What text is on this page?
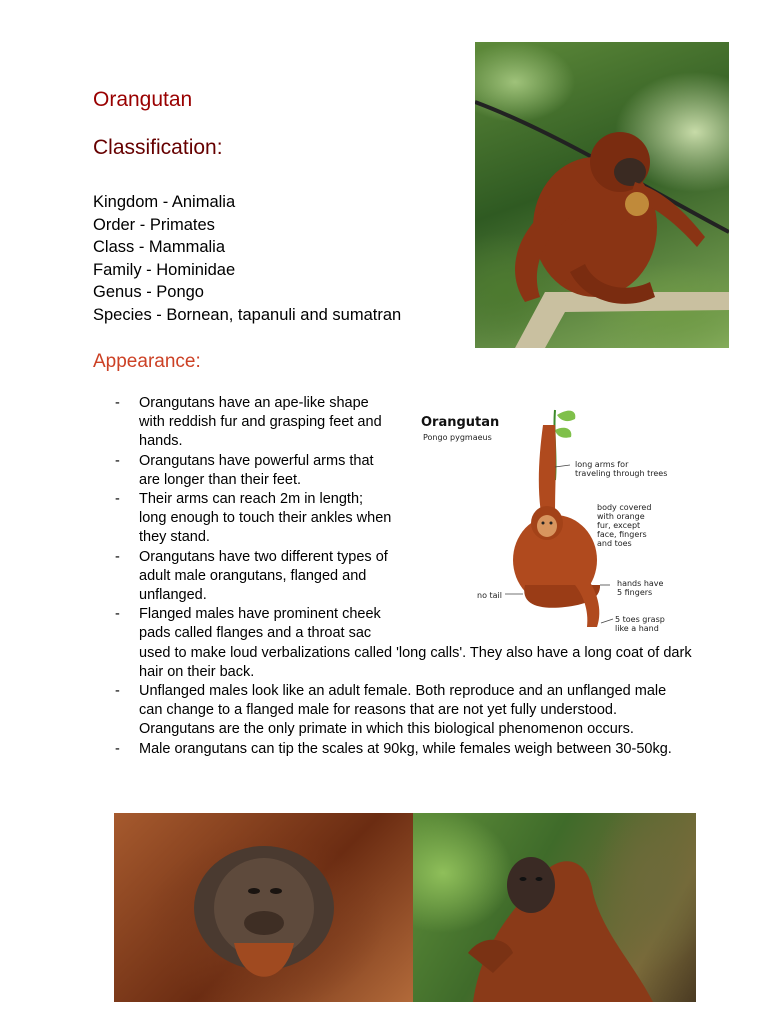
Orangutan
Classification:
Kingdom - Animalia
Order - Primates
Class - Mammalia
Family - Hominidae
Genus - Pongo
Species - Bornean, tapanuli and sumatran
Appearance:
Orangutan
Pongo pygmaeus
long arms for
traveling through trees
body covered
with orange
fur, except
face, fingers
and toes
no tail
hands have
5 fingers
5 toes grasp
like a hand
- Orangutans have an ape-like shape with reddish fur and grasping feet and hands.
- Orangutans have powerful arms that are longer than their feet.
- Their arms can reach 2m in length; long enough to touch their ankles when they stand.
- Orangutans have two different types of adult male orangutans, flanged and unflanged.
- Flanged males have prominent cheek pads called flanges and a throat sac used to make loud verbalizations called 'long calls'. They also have a long coat of dark hair on their back.
- Unflanged males look like an adult female. Both reproduce and an unflanged male can change to a flanged male for reasons that are not yet fully understood. Orangutans are the only primate in which this biological phenomenon occurs.
- Male orangutans can tip the scales at 90kg, while females weigh between 30-50kg.
